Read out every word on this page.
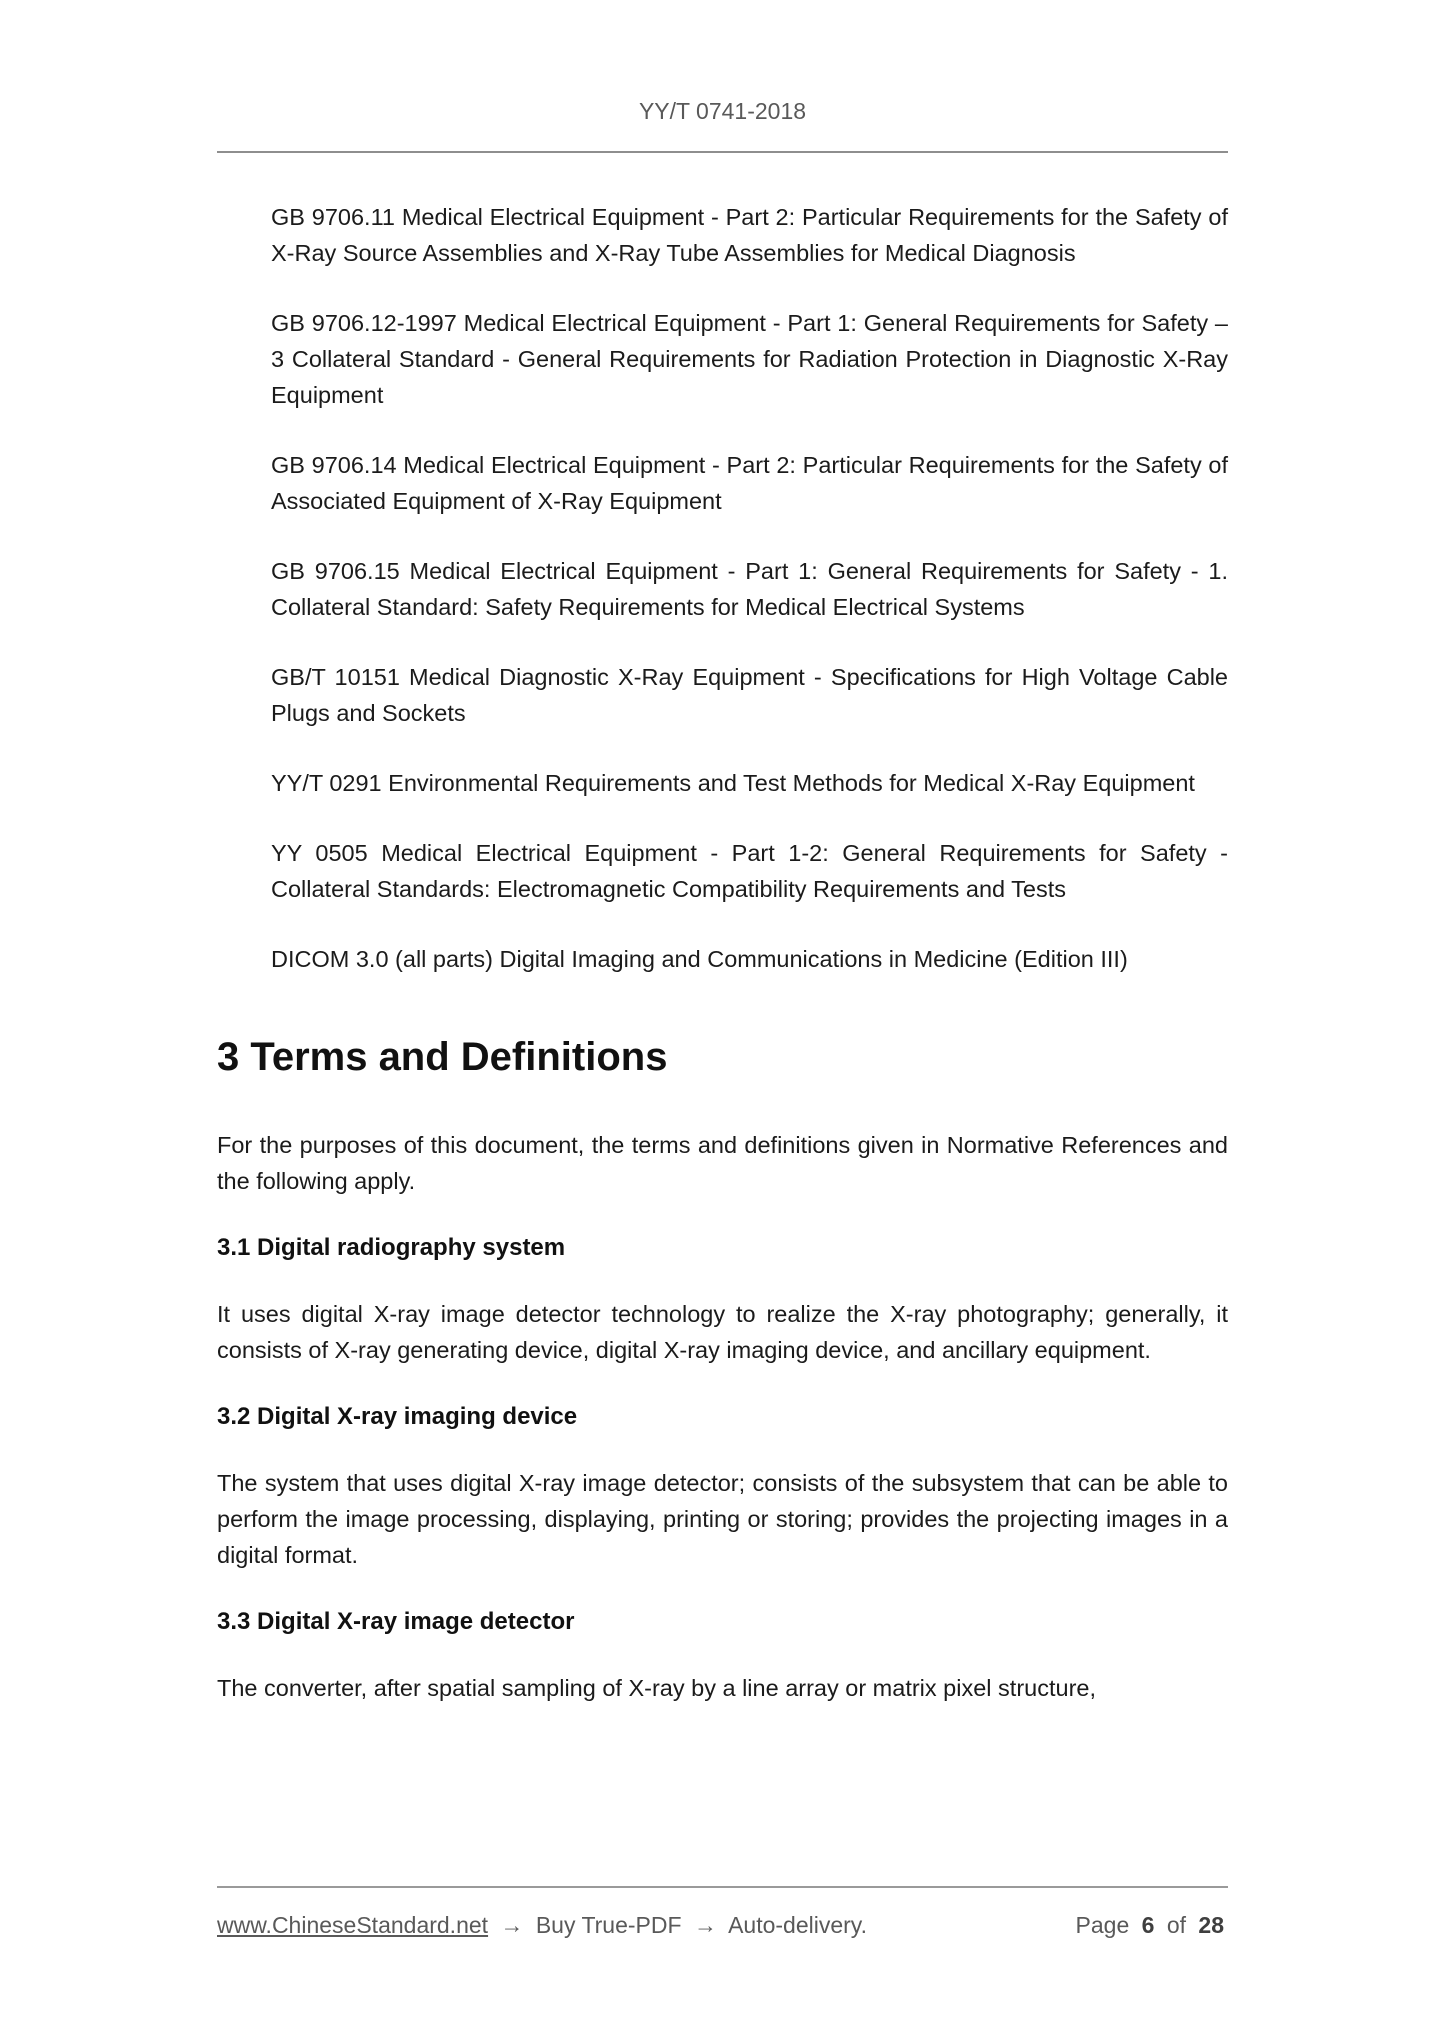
YY/T 0741-2018

GB 9706.11 Medical Electrical Equipment - Part 2: Particular Requirements for the Safety of X-Ray Source Assemblies and X-Ray Tube Assemblies for Medical Diagnosis

GB 9706.12-1997 Medical Electrical Equipment - Part 1: General Requirements for Safety – 3 Collateral Standard - General Requirements for Radiation Protection in Diagnostic X-Ray Equipment

GB 9706.14 Medical Electrical Equipment - Part 2: Particular Requirements for the Safety of Associated Equipment of X-Ray Equipment

GB 9706.15 Medical Electrical Equipment - Part 1: General Requirements for Safety - 1. Collateral Standard: Safety Requirements for Medical Electrical Systems

GB/T 10151 Medical Diagnostic X-Ray Equipment - Specifications for High Voltage Cable Plugs and Sockets

YY/T 0291 Environmental Requirements and Test Methods for Medical X-Ray Equipment

YY 0505 Medical Electrical Equipment - Part 1-2: General Requirements for Safety - Collateral Standards: Electromagnetic Compatibility Requirements and Tests

DICOM 3.0 (all parts) Digital Imaging and Communications in Medicine (Edition III)

3 Terms and Definitions

For the purposes of this document, the terms and definitions given in Normative References and the following apply.

3.1 Digital radiography system

It uses digital X-ray image detector technology to realize the X-ray photography; generally, it consists of X-ray generating device, digital X-ray imaging device, and ancillary equipment.

3.2 Digital X-ray imaging device

The system that uses digital X-ray image detector; consists of the subsystem that can be able to perform the image processing, displaying, printing or storing; provides the projecting images in a digital format.

3.3 Digital X-ray image detector

The converter, after spatial sampling of X-ray by a line array or matrix pixel structure,

www.ChineseStandard.net → Buy True-PDF → Auto-delivery.	Page 6 of 28
